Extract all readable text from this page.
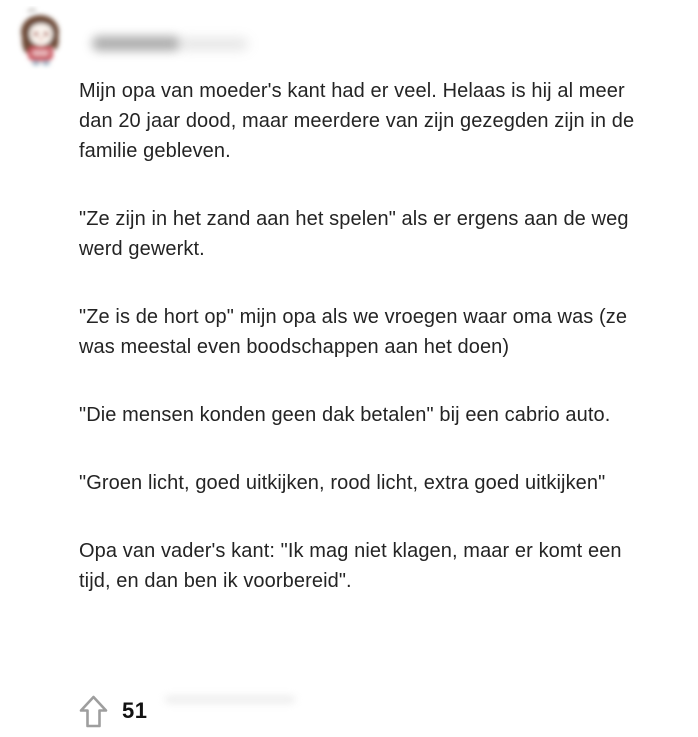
Mijn opa van moeder's kant had er veel. Helaas is hij al meer dan 20 jaar dood, maar meerdere van zijn gezegden zijn in de familie gebleven.

"Ze zijn in het zand aan het spelen" als er ergens aan de weg werd gewerkt.

"Ze is de hort op" mijn opa als we vroegen waar oma was (ze was meestal even boodschappen aan het doen)

"Die mensen konden geen dak betalen" bij een cabrio auto.

"Groen licht, goed uitkijken, rood licht, extra goed uitkijken"

Opa van vader's kant: "Ik mag niet klagen, maar er komt een tijd, en dan ben ik voorbereid".

51
